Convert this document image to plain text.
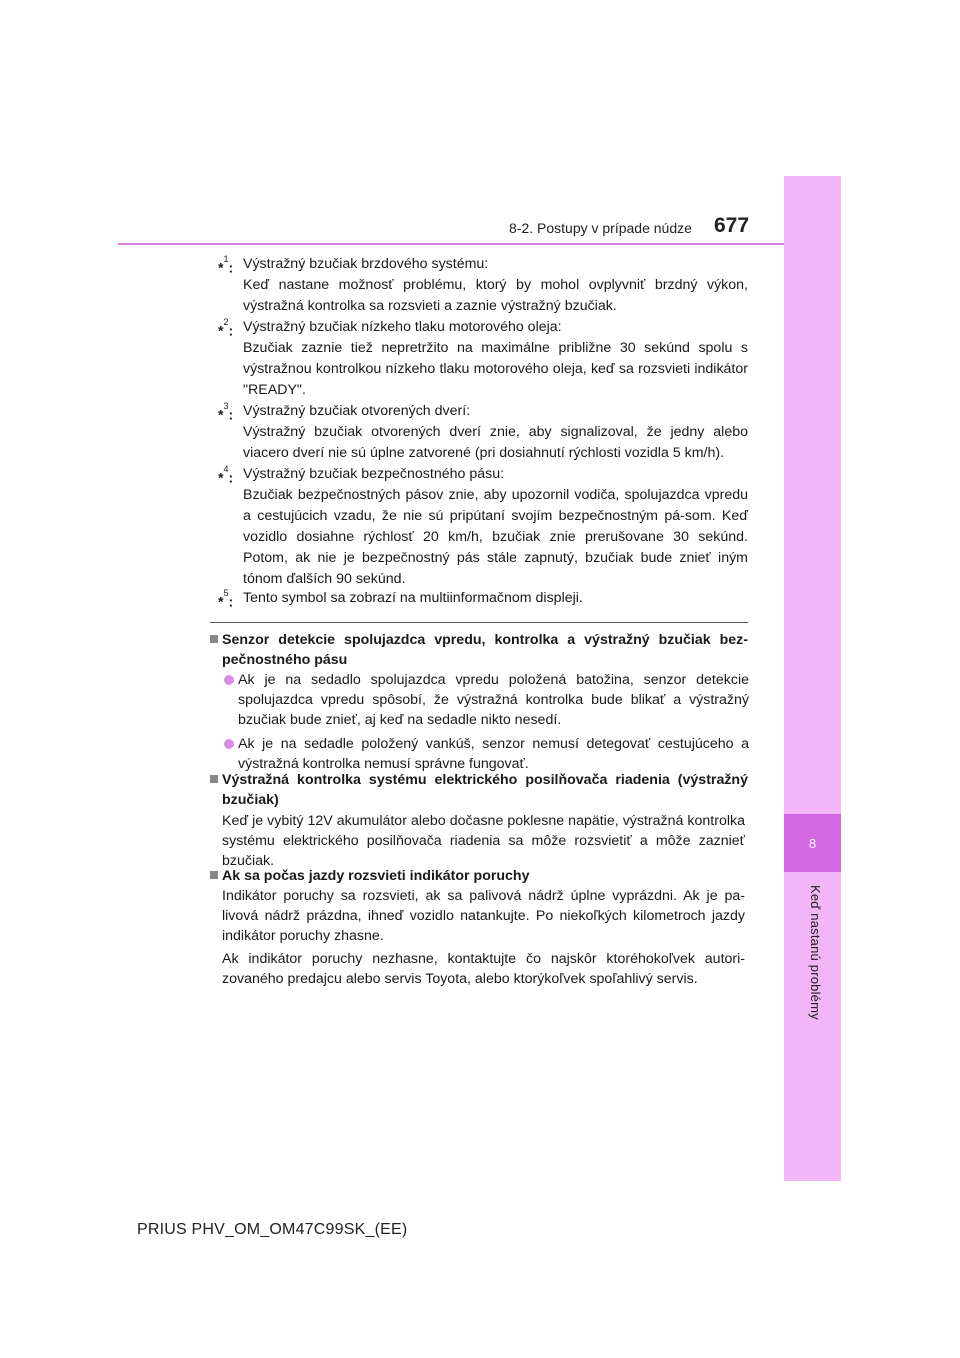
8
Keď nastanú problémy
8-2. Postupy v prípade núdze 677
*$^1$: Výstražný bzučiak brzdového systému:
Keď nastane možnosť problému, ktorý by mohol ovplyvniť brzdný výkon, výstražná kontrolka sa rozsvieti a zaznie výstražný bzučiak.
*$^2$: Výstražný bzučiak nízkeho tlaku motorového oleja:
Bzučiak zaznie tiež nepretržito na maximálne približne 30 sekúnd spolu s výstražnou kontrolkou nízkeho tlaku motorového oleja, keď sa rozsvieti indikátor "READY".
*$^3$: Výstražný bzučiak otvorených dverí:
Výstražný bzučiak otvorených dverí znie, aby signalizoval, že jedny alebo viacero dverí nie sú úplne zatvorené (pri dosiahnutí rýchlosti vozidla 5 km/h).
*$^4$: Výstražný bzučiak bezpečnostného pásu:
Bzučiak bezpečnostných pásov znie, aby upozornil vodiča, spolujazdca vpredu a cestujúcich vzadu, že nie sú pripútaní svojím bezpečnostným pá-som. Keď vozidlo dosiahne rýchlosť 20 km/h, bzučiak znie prerušovane 30 sekúnd. Potom, ak nie je bezpečnostný pás stále zapnutý, bzučiak bude znieť iným tónom ďalších 90 sekúnd.
*$^5$: Tento symbol sa zobrazí na multiinformačnom displeji.
Senzor detekcie spolujazdca vpredu, kontrolka a výstražný bzučiak bez-pečnostného pásu
Ak je na sedadlo spolujazdca vpredu položená batožina, senzor detekcie spolujazdca vpredu spôsobí, že výstražná kontrolka bude blikať a výstražný bzučiak bude znieť, aj keď na sedadle nikto nesedí.
Ak je na sedadle položený vankúš, senzor nemusí detegovať cestujúceho a výstražná kontrolka nemusí správne fungovať.
Výstražná kontrolka systému elektrického posilňovača riadenia (výstražný bzučiak)
Keď je vybitý 12V akumulátor alebo dočasne poklesne napätie, výstražná kontrolka systému elektrického posilňovača riadenia sa môže rozsvietiť a môže zaznieť bzučiak.
Ak sa počas jazdy rozsvieti indikátor poruchy
Indikátor poruchy sa rozsvieti, ak sa palivová nádrž úplne vyprázdni. Ak je pa-livová nádrž prázdna, ihneď vozidlo natankujte. Po niekoľkých kilometroch jazdy indikátor poruchy zhasne.
Ak indikátor poruchy nezhasne, kontaktujte čo najskôr ktoréhokoľvek autori-zovaného predajcu alebo servis Toyota, alebo ktorýkoľvek spoľahlivý servis.
PRIUS PHV_OM_OM47C99SK_(EE)
